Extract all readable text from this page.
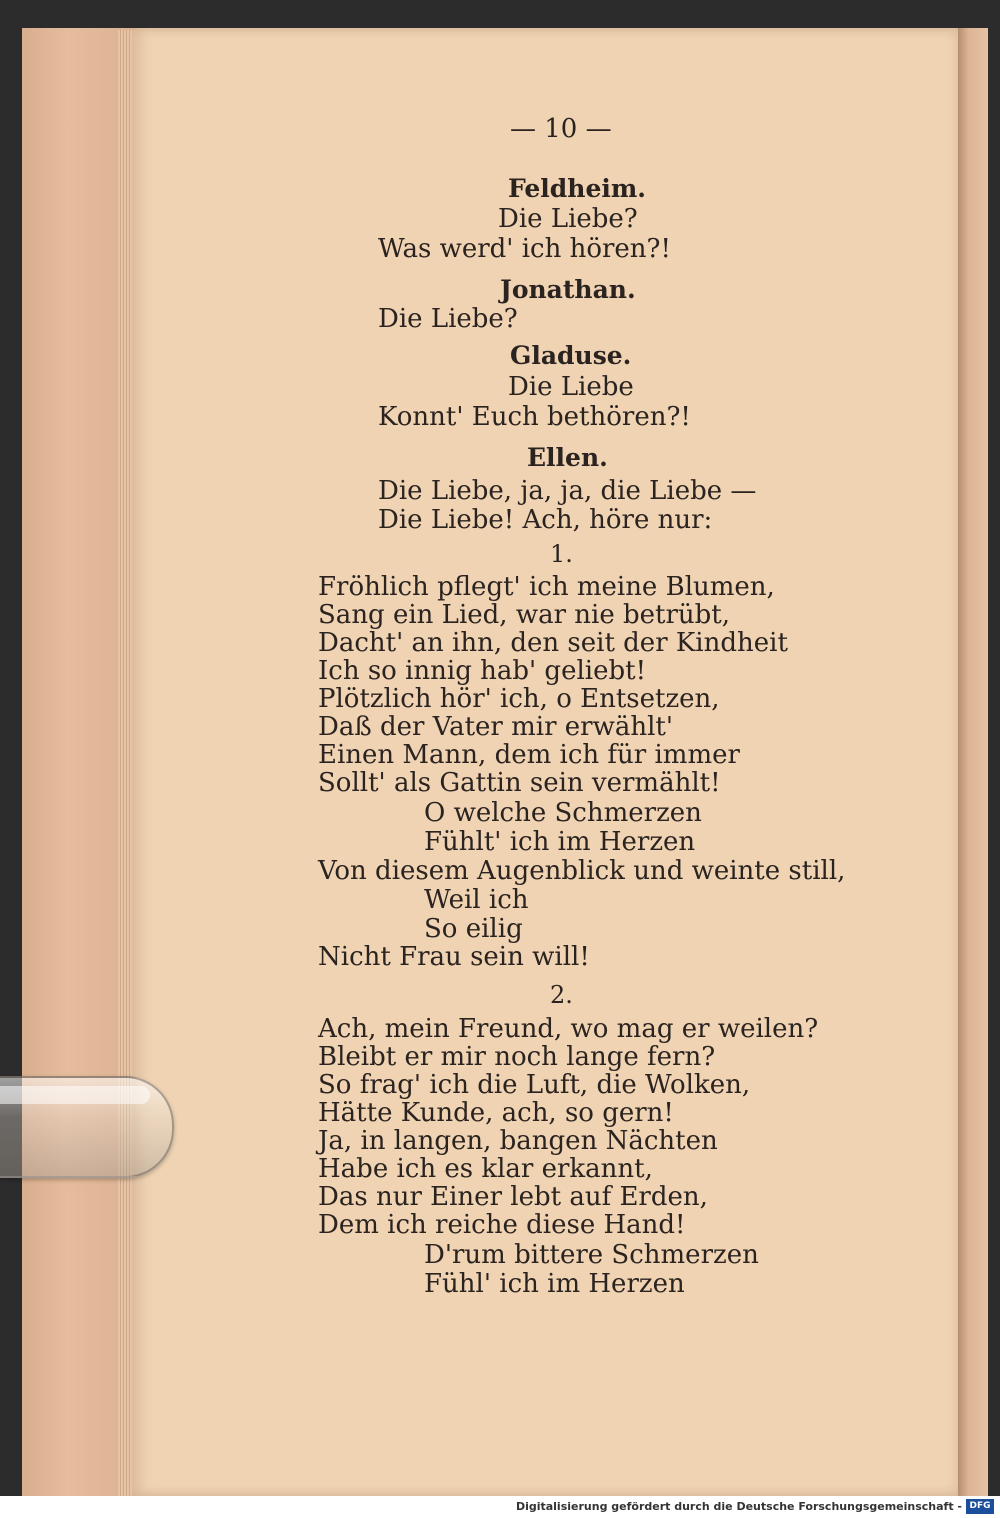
— 10 —
Feldheim.
Die Liebe?
Was werd' ich hören?!
Jonathan.
Die Liebe?
Gladuse.
Die Liebe
Konnt' Euch bethören?!
Ellen.
Die Liebe, ja, ja, die Liebe —
Die Liebe! Ach, höre nur:
1.
Fröhlich pflegt' ich meine Blumen,
Sang ein Lied, war nie betrübt,
Dacht' an ihn, den seit der Kindheit
Ich so innig hab' geliebt!
Plötzlich hör' ich, o Entsetzen,
Daß der Vater mir erwählt'
Einen Mann, dem ich für immer
Sollt' als Gattin sein vermählt!
O welche Schmerzen
Fühlt' ich im Herzen
Von diesem Augenblick und weinte still,
Weil ich
So eilig
Nicht Frau sein will!
2.
Ach, mein Freund, wo mag er weilen?
Bleibt er mir noch lange fern?
So frag' ich die Luft, die Wolken,
Hätte Kunde, ach, so gern!
Ja, in langen, bangen Nächten
Habe ich es klar erkannt,
Das nur Einer lebt auf Erden,
Dem ich reiche diese Hand!
D'rum bittere Schmerzen
Fühl' ich im Herzen
Digitalisierung gefördert durch die Deutsche Forschungsgemeinschaft - DFG
